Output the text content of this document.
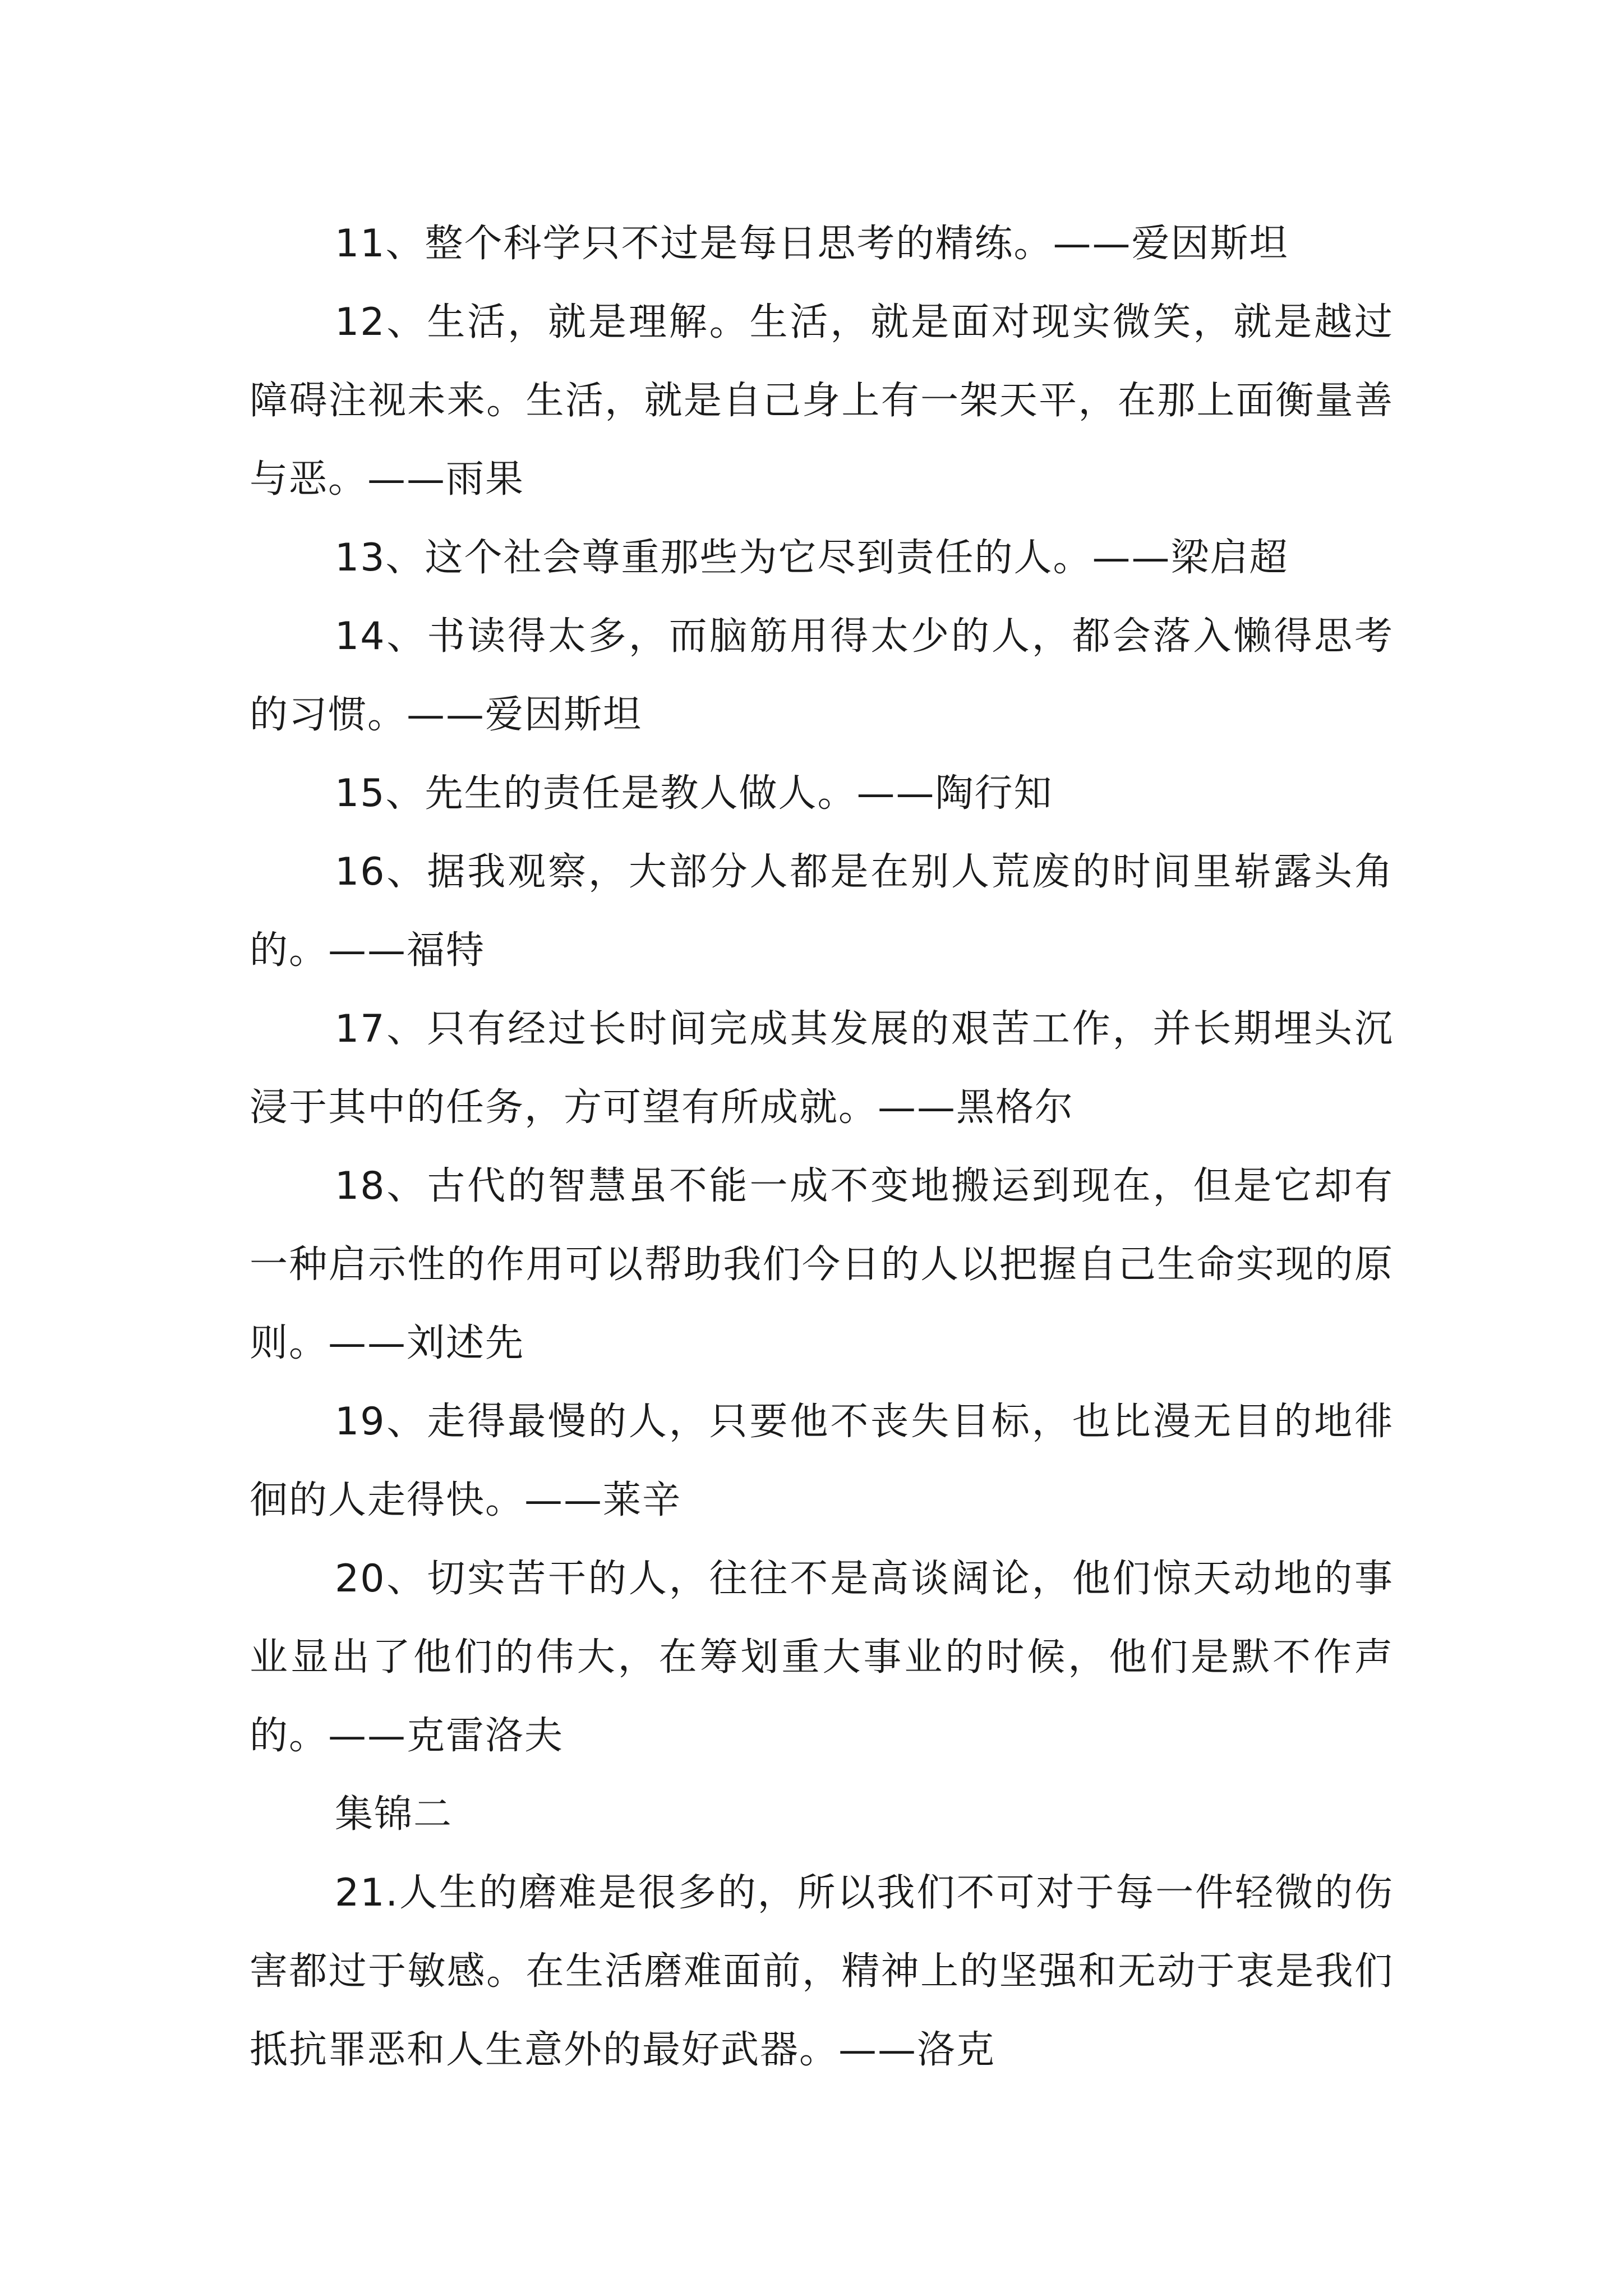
11、整个科学只不过是每日思考的精练。——爱因斯坦

12、生活，就是理解。生活，就是面对现实微笑，就是越过障碍注视未来。生活，就是自己身上有一架天平，在那上面衡量善与恶。——雨果

13、这个社会尊重那些为它尽到责任的人。——梁启超

14、书读得太多，而脑筋用得太少的人，都会落入懒得思考的习惯。——爱因斯坦

15、先生的责任是教人做人。——陶行知

16、据我观察，大部分人都是在别人荒废的时间里崭露头角的。——福特

17、只有经过长时间完成其发展的艰苦工作，并长期埋头沉浸于其中的任务，方可望有所成就。——黑格尔

18、古代的智慧虽不能一成不变地搬运到现在，但是它却有一种启示性的作用可以帮助我们今日的人以把握自己生命实现的原则。——刘述先

19、走得最慢的人，只要他不丧失目标，也比漫无目的地徘徊的人走得快。——莱辛

20、切实苦干的人，往往不是高谈阔论，他们惊天动地的事业显出了他们的伟大，在筹划重大事业的时候，他们是默不作声的。——克雷洛夫

集锦二

21.人生的磨难是很多的，所以我们不可对于每一件轻微的伤害都过于敏感。在生活磨难面前，精神上的坚强和无动于衷是我们抵抗罪恶和人生意外的最好武器。——洛克
